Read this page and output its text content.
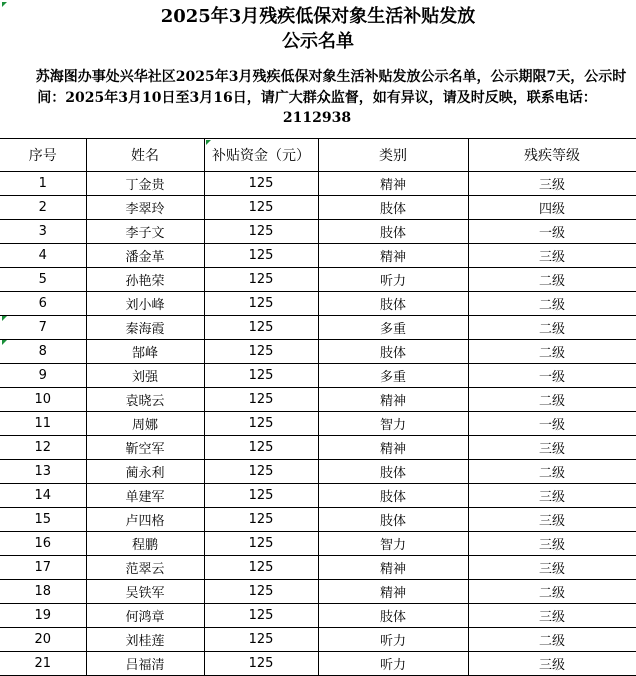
2025年3月残疾低保对象生活补贴发放
公示名单

苏海图办事处兴华社区2025年3月残疾低保对象生活补贴发放公示名单，公示期限7天，公示时间：2025年3月10日至3月16日，请广大群众监督，如有异议，请及时反映，联系电话：2112938

序号	姓名	补贴资金（元）	类别	残疾等级
1	丁金贵	125	精神	三级
2	李翠玲	125	肢体	四级
3	李子文	125	肢体	一级
4	潘金革	125	精神	三级
5	孙艳荣	125	听力	二级
6	刘小峰	125	肢体	二级
7	秦海霞	125	多重	二级
8	郜峰	125	肢体	二级
9	刘强	125	多重	一级
10	袁晓云	125	精神	二级
11	周娜	125	智力	一级
12	靳空军	125	精神	三级
13	蔺永利	125	肢体	二级
14	单建军	125	肢体	三级
15	卢四格	125	肢体	三级
16	程鹏	125	智力	三级
17	范翠云	125	精神	三级
18	吴铁军	125	精神	二级
19	何鸿章	125	肢体	三级
20	刘桂莲	125	听力	二级
21	吕福清	125	听力	三级
